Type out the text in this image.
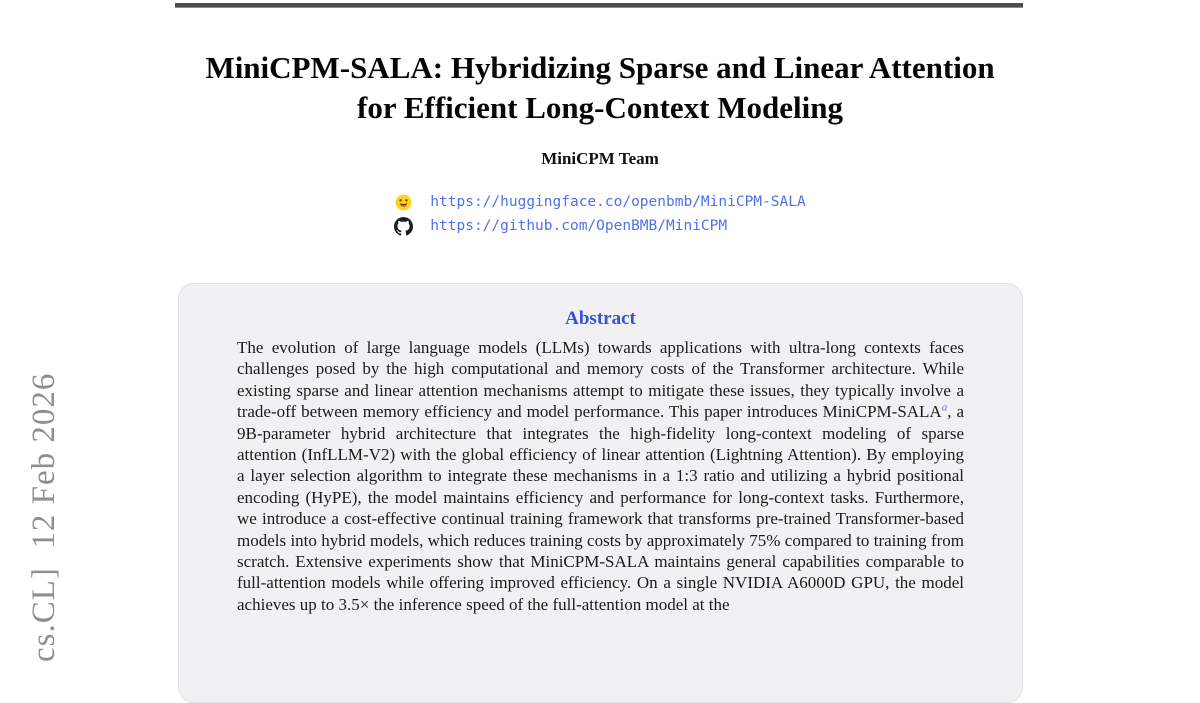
cs.CL]  12 Feb 2026
MiniCPM-SALA: Hybridizing Sparse and Linear Attention
for Efficient Long-Context Modeling
MiniCPM Team
https://huggingface.co/openbmb/MiniCPM-SALA
https://github.com/OpenBMB/MiniCPM
Abstract

The evolution of large language models (LLMs) towards applications with ultra-long contexts faces challenges posed by the high computational and memory costs of the Transformer architecture. While existing sparse and linear attention mechanisms attempt to mitigate these issues, they typically involve a trade-off between memory efficiency and model performance. This paper introduces MiniCPM-SALA$^a$, a 9B-parameter hybrid architecture that integrates the high-fidelity long-context modeling of sparse attention (InfLLM-V2) with the global efficiency of linear attention (Lightning Attention). By employing a layer selection algorithm to integrate these mechanisms in a 1:3 ratio and utilizing a hybrid positional encoding (HyPE), the model maintains efficiency and performance for long-context tasks. Furthermore, we introduce a cost-effective continual training framework that transforms pre-trained Transformer-based models into hybrid models, which reduces training costs by approximately 75% compared to training from scratch. Extensive experiments show that MiniCPM-SALA maintains general capabilities comparable to full-attention models while offering improved efficiency. On a single NVIDIA A6000D GPU, the model achieves up to 3.5× the inference speed of the full-attention model at the
